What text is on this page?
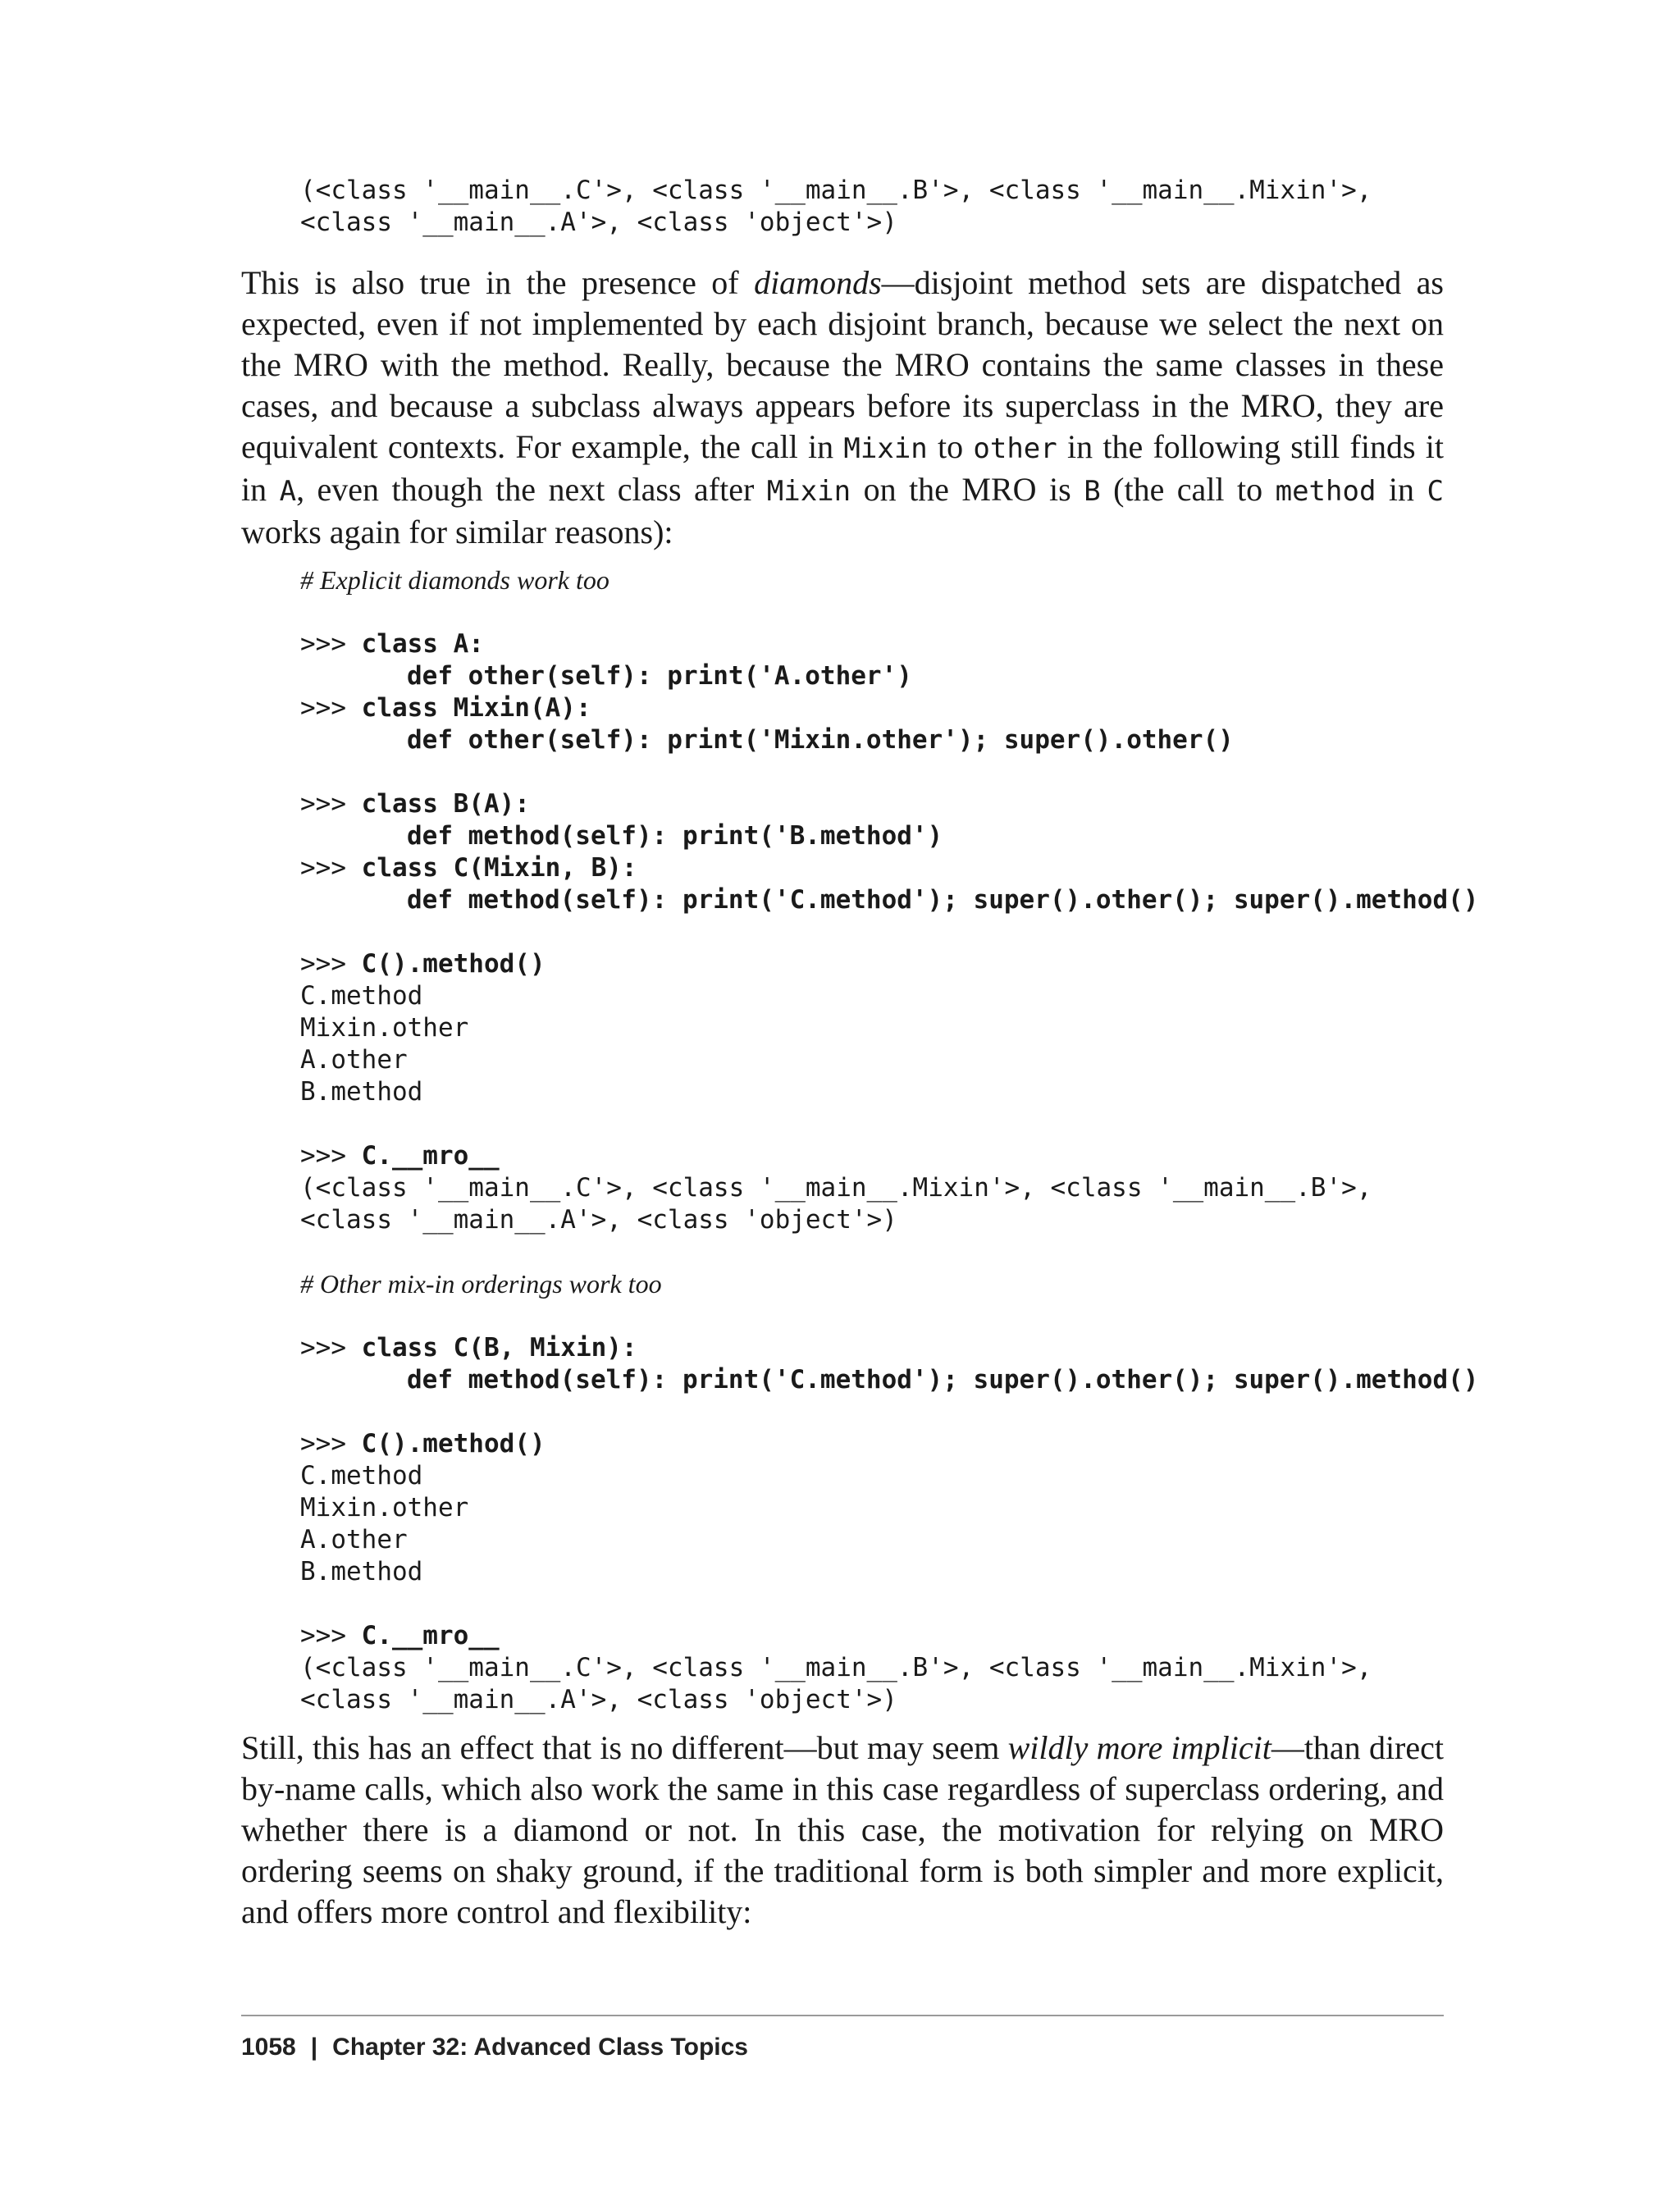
(<class '__main__.C'>, <class '__main__.B'>, <class '__main__.Mixin'>,
<class '__main__.A'>, <class 'object'>)

This is also true in the presence of diamonds—disjoint method sets are dispatched as expected, even if not implemented by each disjoint branch, because we select the next on the MRO with the method. Really, because the MRO contains the same classes in these cases, and because a subclass always appears before its superclass in the MRO, they are equivalent contexts. For example, the call in Mixin to other in the following still finds it in A, even though the next class after Mixin on the MRO is B (the call to method in C works again for similar reasons):

# Explicit diamonds work too
>>> class A:
def other(self): print('A.other')
>>> class Mixin(A):
def other(self): print('Mixin.other'); super().other()
>>> class B(A):
def method(self): print('B.method')
>>> class C(Mixin, B):
def method(self): print('C.method'); super().other(); super().method()
>>> C().method()
C.method
Mixin.other
A.other
B.method
>>> C.__mro__
(<class '__main__.C'>, <class '__main__.Mixin'>, <class '__main__.B'>,
<class '__main__.A'>, <class 'object'>)
# Other mix-in orderings work too
>>> class C(B, Mixin):
def method(self): print('C.method'); super().other(); super().method()
>>> C().method()
C.method
Mixin.other
A.other
B.method
>>> C.__mro__
(<class '__main__.C'>, <class '__main__.B'>, <class '__main__.Mixin'>,
<class '__main__.A'>, <class 'object'>)

Still, this has an effect that is no different—but may seem wildly more implicit—than direct by-name calls, which also work the same in this case regardless of superclass ordering, and whether there is a diamond or not. In this case, the motivation for relying on MRO ordering seems on shaky ground, if the traditional form is both simpler and more explicit, and offers more control and flexibility:

1058 | Chapter 32: Advanced Class Topics
